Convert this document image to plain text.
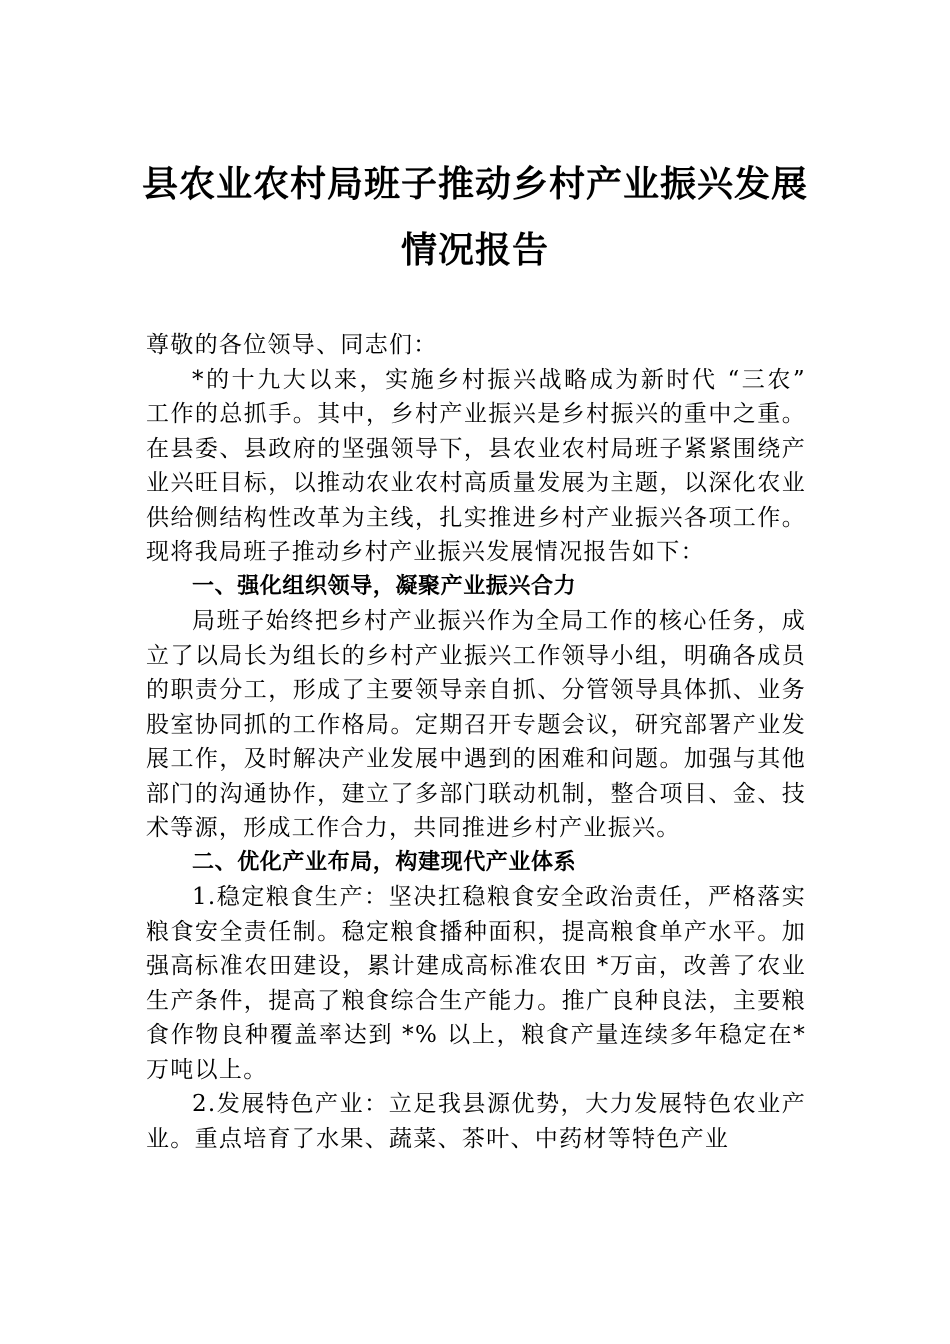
县农业农村局班子推动乡村产业振兴发展
情况报告

尊敬的各位领导、同志们：

*的十九大以来，实施乡村振兴战略成为新时代 “三农” 工作的总抓手。其中，乡村产业振兴是乡村振兴的重中之重。在县委、县政府的坚强领导下，县农业农村局班子紧紧围绕产业兴旺目标，以推动农业农村高质量发展为主题，以深化农业供给侧结构性改革为主线，扎实推进乡村产业振兴各项工作。现将我局班子推动乡村产业振兴发展情况报告如下：

一、强化组织领导，凝聚产业振兴合力

局班子始终把乡村产业振兴作为全局工作的核心任务，成立了以局长为组长的乡村产业振兴工作领导小组，明确各成员的职责分工，形成了主要领导亲自抓、分管领导具体抓、业务股室协同抓的工作格局。定期召开专题会议，研究部署产业发展工作，及时解决产业发展中遇到的困难和问题。加强与其他部门的沟通协作，建立了多部门联动机制，整合项目、金、技术等源，形成工作合力，共同推进乡村产业振兴。

二、优化产业布局，构建现代产业体系

1.稳定粮食生产：坚决扛稳粮食安全政治责任，严格落实粮食安全责任制。稳定粮食播种面积，提高粮食单产水平。加强高标准农田建设，累计建成高标准农田 *万亩，改善了农业生产条件，提高了粮食综合生产能力。推广良种良法，主要粮食作物良种覆盖率达到 *% 以上，粮食产量连续多年稳定在*万吨以上。

2.发展特色产业：立足我县源优势，大力发展特色农业产业。重点培育了水果、蔬菜、茶叶、中药材等特色产业
